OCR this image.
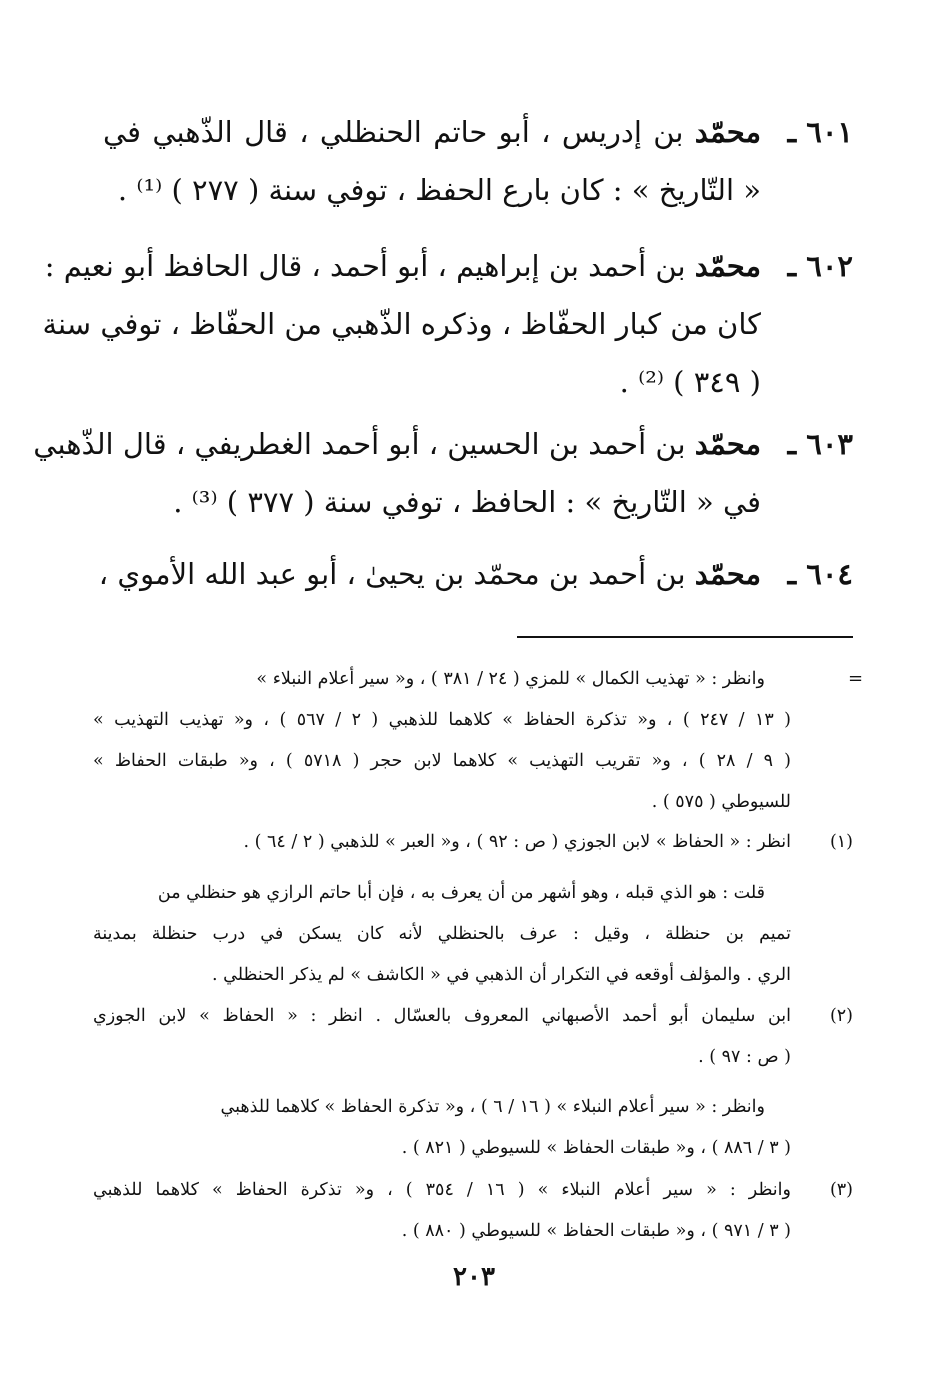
٦٠١ ـ
محمّد بن إدريس ، أبو حاتم الحنظلي ، قال الذّهبي في
« التّاريخ » : كان بارع الحفظ ، توفي سنة ( ٢٧٧ ) ⁽¹⁾ .
٦٠٢ ـ
محمّد بن أحمد بن إبراهيم ، أبو أحمد ، قال الحافظ أبو نعيم :
كان من كبار الحفّاظ ، وذكره الذّهبي من الحفّاظ ، توفي سنة
( ٣٤٩ ) ⁽²⁾ .
٦٠٣ ـ
محمّد بن أحمد بن الحسين ، أبو أحمد الغطريفي ، قال الذّهبي
في « التّاريخ » : الحافظ ، توفي سنة ( ٣٧٧ ) ⁽³⁾ .
٦٠٤ ـ
محمّد بن أحمد بن محمّد بن يحيىٰ ، أبو عبد الله الأموي ،
=
وانظر : « تهذيب الكمال » للمزي ( ٢٤ / ٣٨١ ) ، و« سير أعلام النبلاء »
( ١٣ / ٢٤٧ ) ، و« تذكرة الحفاظ » كلاهما للذهبي ( ٢ / ٥٦٧ ) ، و« تهذيب التهذيب »
( ٩ / ٢٨ ) ، و« تقريب التهذيب » كلاهما لابن حجر ( ٥٧١٨ ) ، و« طبقات الحفاظ »
للسيوطي ( ٥٧٥ ) .
(١)
انظر : « الحفاظ » لابن الجوزي ( ص : ٩٢ ) ، و« العبر » للذهبي ( ٢ / ٦٤ ) .
قلت : هو الذي قبله ، وهو أشهر من أن يعرف به ، فإن أبا حاتم الرازي هو حنظلي من
تميم بن حنظلة ، وقيل : عرف بالحنظلي لأنه كان يسكن في درب حنظلة بمدينة
الري . والمؤلف أوقعه في التكرار أن الذهبي في « الكاشف » لم يذكر الحنظلي .
(٢)
ابن سليمان أبو أحمد الأصبهاني المعروف بالعسّال . انظر : « الحفاظ » لابن الجوزي
( ص : ٩٧ ) .
وانظر : « سير أعلام النبلاء » ( ١٦ / ٦ ) ، و« تذكرة الحفاظ » كلاهما للذهبي
( ٣ / ٨٨٦ ) ، و« طبقات الحفاظ » للسيوطي ( ٨٢١ ) .
(٣)
وانظر : « سير أعلام النبلاء » ( ١٦ / ٣٥٤ ) ، و« تذكرة الحفاظ » كلاهما للذهبي
( ٣ / ٩٧١ ) ، و« طبقات الحفاظ » للسيوطي ( ٨٨٠ ) .
٢٠٣
